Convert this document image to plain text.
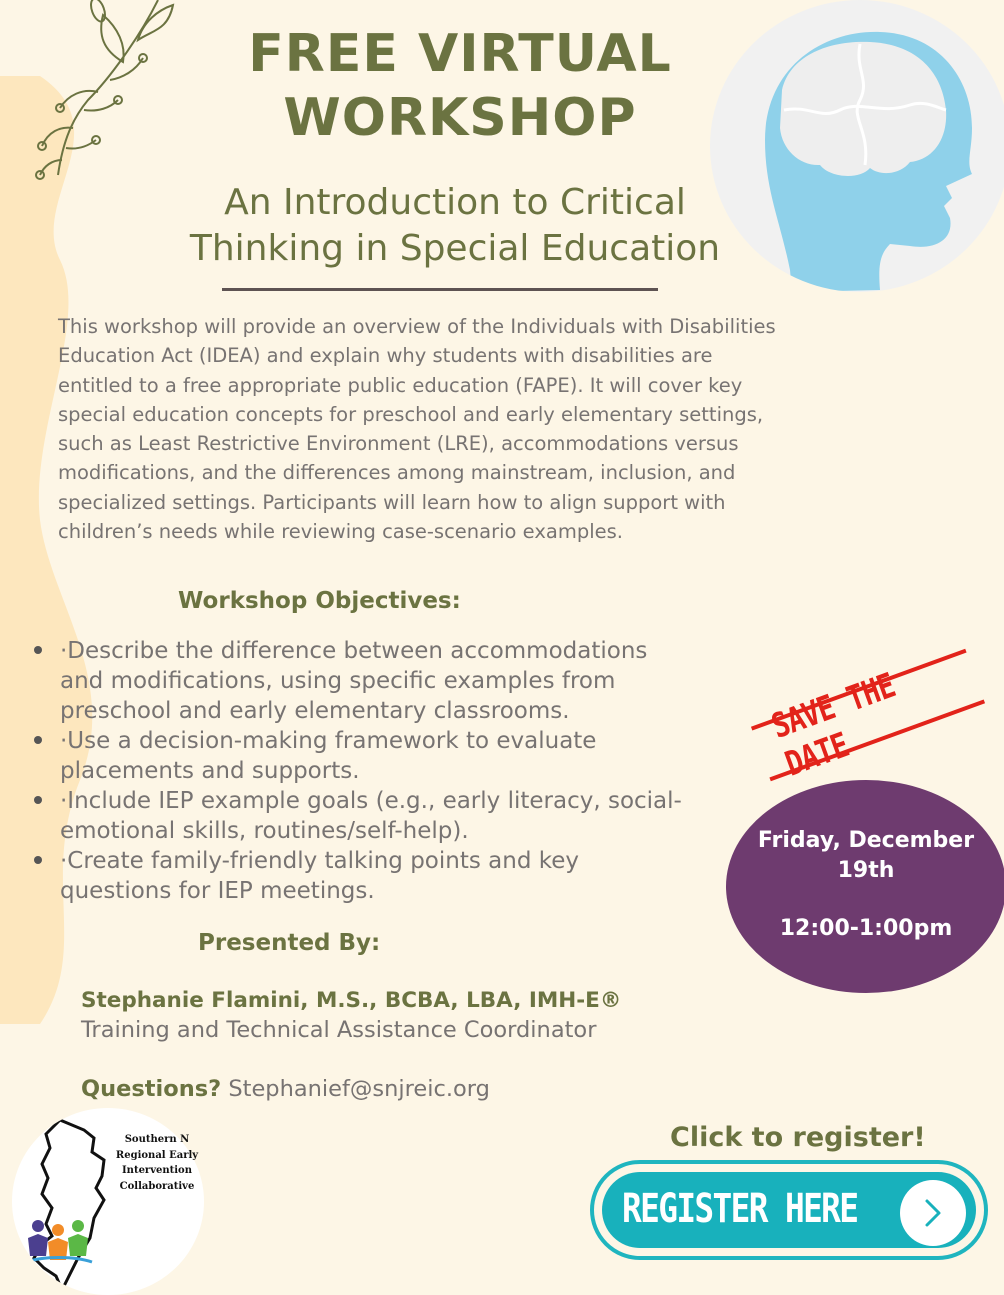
FREE VIRTUAL
WORKSHOP
An Introduction to Critical
Thinking in Special Education
This workshop will provide an overview of the Individuals with Disabilities
Education Act (IDEA) and explain why students with disabilities are
entitled to a free appropriate public education (FAPE). It will cover key
special education concepts for preschool and early elementary settings,
such as Least Restrictive Environment (LRE), accommodations versus
modifications, and the differences among mainstream, inclusion, and
specialized settings. Participants will learn how to align support with
children’s needs while reviewing case-scenario examples.
Workshop Objectives:
·Describe the difference between accommodations
and modifications, using specific examples from
preschool and early elementary classrooms.
·Use a decision-making framework to evaluate
placements and supports.
·Include IEP example goals (e.g., early literacy, social-
emotional skills, routines/self-help).
·Create family-friendly talking points and key
questions for IEP meetings.
Presented By:
Stephanie Flamini, M.S., BCBA, LBA, IMH-E®
Training and Technical Assistance Coordinator
Questions? Stephanief@snjreic.org
SAVE THE DATE
Friday, December
19th
12:00-1:00pm
Click to register!
REGISTER HERE
Southern N
Regional Early
Intervention
Collaborative
